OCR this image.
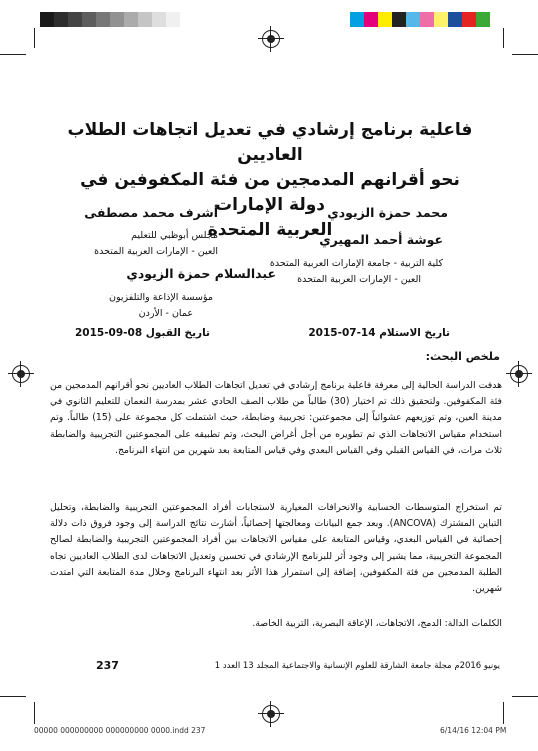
فاعلية برنامج إرشادي في تعديل اتجاهات الطلاب العاديين
نحو أقرانهم المدمجين من فئة المكفوفين في دولة الإمارات
العربية المتحدة
محمد حمزة الزيودي
عوشة أحمد المهيري
كلية التربية - جامعة الإمارات العربية المتحدة
العين - الإمارات العربية المتحدة
أشرف محمد مصطفى
مجلس أبوظبي للتعليم
العين - الإمارات العربية المتحدة
عبدالسلام حمزة الزيودي
مؤسسة الإذاعة والتلفزيون
عمان - الأردن
تاريخ الاستلام 14-07-2015
تاريخ القبول 08-09-2015
ملخص البحث:
هدفت الدراسة الحالية إلى معرفة فاعلية برنامج إرشادي في تعديل اتجاهات الطلاب العاديين نحو أقرانهم المدمجين من فئة المكفوفين. ولتحقيق ذلك تم اختيار (30) طالباً من طلاب الصف الحادي عشر بمدرسة النعمان للتعليم الثانوي في مدينة العين، وتم توزيعهم عشوائياً إلى مجموعتين: تجريبية وضابطة، حيث اشتملت كل مجموعة على (15) طالباً. وتم استخدام مقياس الاتجاهات الذي تم تطويره من أجل أغراض البحث، وتم تطبيقه على المجموعتين التجريبية والضابطة ثلاث مرات، في القياس القبلي وفي القياس البعدي وفي قياس المتابعة بعد شهرين من انتهاء البرنامج.
تم استخراج المتوسطات الحسابية والانحرافات المعيارية لاستجابات أفراد المجموعتين التجريبية والضابطة، وتحليل التباين المشترك (ANCOVA). وبعد جمع البيانات ومعالجتها إحصائياً، أشارت نتائج الدراسة إلى وجود فروق ذات دلالة إحصائية في القياس البعدي، وقياس المتابعة على مقياس الاتجاهات بين أفراد المجموعتين التجريبية والضابطة لصالح المجموعة التجريبية، مما يشير إلى وجود أثر للبرنامج الإرشادي في تحسين وتعديل الاتجاهات لدى الطلاب العاديين تجاه الطلبة المدمجين من فئة المكفوفين، إضافة إلى استمرار هذا الأثر بعد انتهاء البرنامج وخلال مدة المتابعة التي امتدت شهرين.
الكلمات الدالة: الدمج، الاتجاهات، الإعاقة البصرية، التربية الخاصة.
237	يونيو 2016م مجلة جامعة الشارقة للعلوم الإنسانية والاجتماعية المجلد 13 العدد 1
00000 000000000 000000000 0000.indd 237	6/14/16 12:04 PM
